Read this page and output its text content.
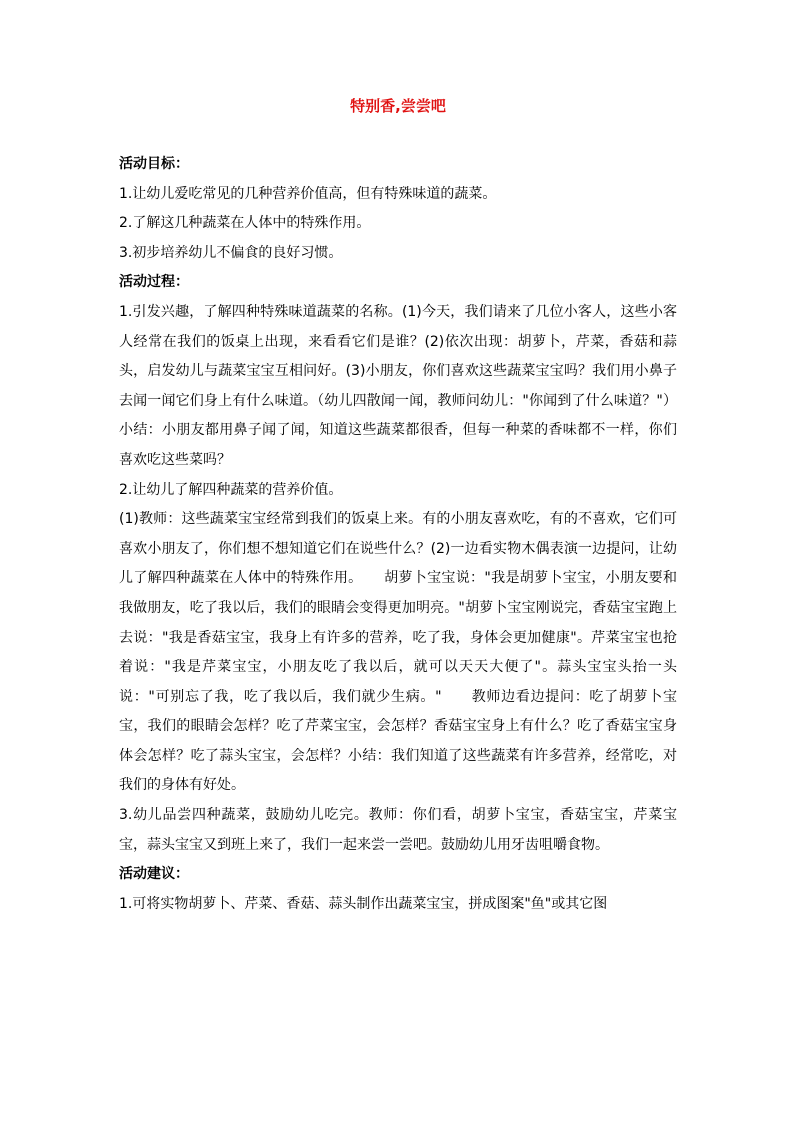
特别香,尝尝吧

活动目标：

1.让幼儿爱吃常见的几种营养价值高，但有特殊味道的蔬菜。

2.了解这几种蔬菜在人体中的特殊作用。

3.初步培养幼儿不偏食的良好习惯。

活动过程：

1.引发兴趣，了解四种特殊味道蔬菜的名称。(1)今天，我们请来了几位小客人，这些小客人经常在我们的饭桌上出现，来看看它们是谁？(2)依次出现：胡萝卜，芹菜，香菇和蒜头，启发幼儿与蔬菜宝宝互相问好。(3)小朋友，你们喜欢这些蔬菜宝宝吗？我们用小鼻子去闻一闻它们身上有什么味道。（幼儿四散闻一闻，教师问幼儿："你闻到了什么味道？"）小结：小朋友都用鼻子闻了闻，知道这些蔬菜都很香，但每一种菜的香味都不一样，你们喜欢吃这些菜吗？

2.让幼儿了解四种蔬菜的营养价值。

(1)教师：这些蔬菜宝宝经常到我们的饭桌上来。有的小朋友喜欢吃，有的不喜欢，它们可喜欢小朋友了，你们想不想知道它们在说些什么？(2)一边看实物木偶表演一边提问，让幼儿了解四种蔬菜在人体中的特殊作用。　　胡萝卜宝宝说："我是胡萝卜宝宝，小朋友要和我做朋友，吃了我以后，我们的眼睛会变得更加明亮。"胡萝卜宝宝刚说完，香菇宝宝跑上去说："我是香菇宝宝，我身上有许多的营养，吃了我，身体会更加健康"。芹菜宝宝也抢着说："我是芹菜宝宝，小朋友吃了我以后，就可以天天大便了"。蒜头宝宝头抬一头说："可别忘了我，吃了我以后，我们就少生病。"　　教师边看边提问：吃了胡萝卜宝宝，我们的眼睛会怎样？吃了芹菜宝宝，会怎样？香菇宝宝身上有什么？吃了香菇宝宝身体会怎样？吃了蒜头宝宝，会怎样？小结：我们知道了这些蔬菜有许多营养，经常吃，对我们的身体有好处。

3.幼儿品尝四种蔬菜，鼓励幼儿吃完。教师：你们看，胡萝卜宝宝，香菇宝宝，芹菜宝宝，蒜头宝宝又到班上来了，我们一起来尝一尝吧。鼓励幼儿用牙齿咀嚼食物。

活动建议：

1.可将实物胡萝卜、芹菜、香菇、蒜头制作出蔬菜宝宝，拼成图案"鱼"或其它图
